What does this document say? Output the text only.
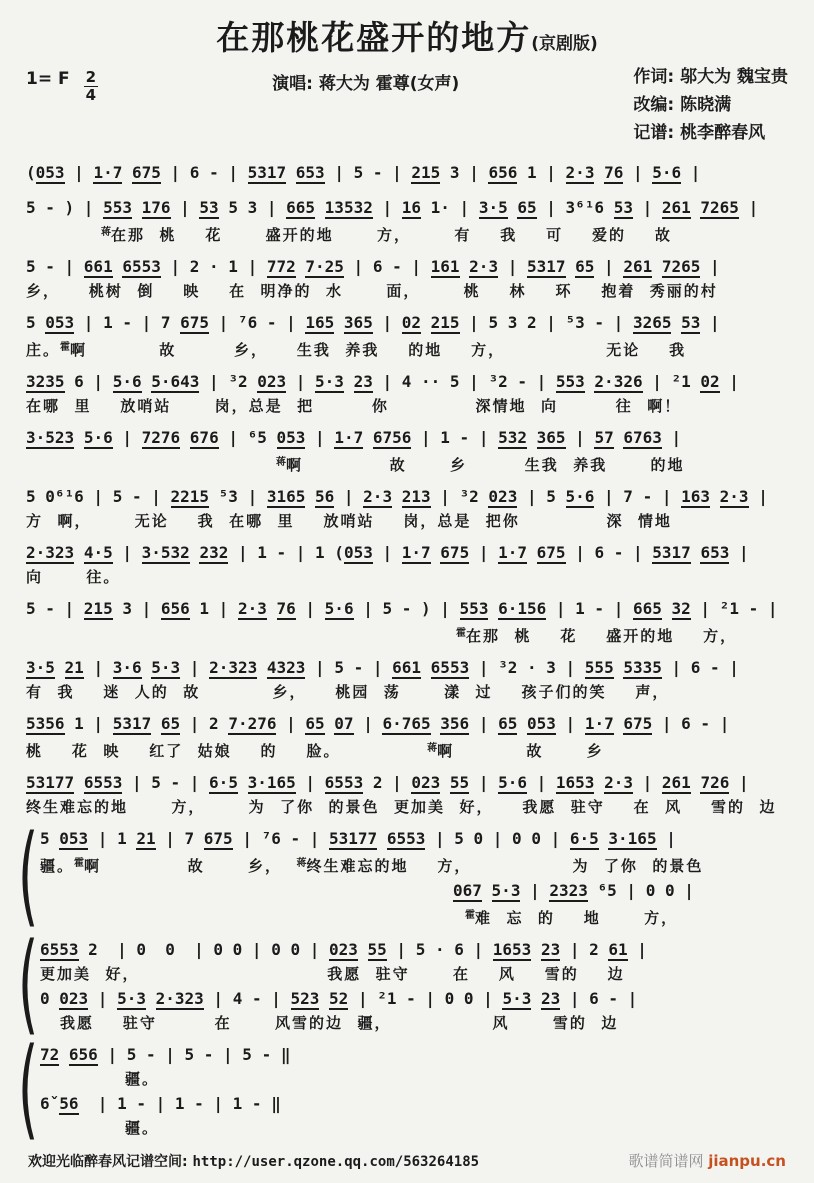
在那桃花盛开的地方(京剧版)
1= F $\frac{2}{4}$	演唱: 蒋大为 霍尊(女声)	作词: 邬大为 魏宝贵
改编: 陈晓满
记谱: 桃李醉春风
(053 | 1·7 675 | 6 - | 5317 653 | 5 - | 215 3 | 656 1 | 2·3 76 | 5·6 |
5 - ) | 553 176 | 53 5 3 | 665 13532 | 16 1· | 3·5 65 | 3⁶¹6 53 | 261 7265 |
$^蒋$在那  桃    花      盛开的地      方，      有    我    可    爱的    故
5 - | 661 6553 | 2 · 1 | 772 7·25 | 6 - | 161 2·3 | 5317 65 | 261 7265 |
乡，    桃树  倒    映    在  明净的  水      面，      桃    林    环    抱着  秀丽的村
5 053 | 1 - | 7 675 | ⁷6 - | 165 365 | 02 215 | 5 3 2 | ⁵3 - | 3265 53 |
庄。$^霍$啊          故        乡，    生我  养我    的地    方，              无论    我
3235 6 | 5·6 5·643 | ³2 023 | 5·3 23 | 4 ·· 5 | ³2 - | 553 2·326 | ²1 02 |
在哪  里    放哨站      岗，总是  把        你            深情地  向        往  啊！
3·523 5·6 | 7276 676 | ⁶5 053 | 1·7 6756 | 1 - | 532 365 | 57 6763 |
$^蒋$啊            故      乡        生我  养我      的地
5 0⁶¹6 | 5 - | 2215 ⁵3 | 3165 56 | 2·3 213 | ³2 023 | 5 5·6 | 7 - | 163 2·3 |
方  啊，      无论    我  在哪  里    放哨站    岗，总是  把你            深  情地
2·323 4·5 | 3·532 232 | 1 - | 1 (053 | 1·7 675 | 1·7 675 | 6 - | 5317 653 |
向      往。
5 - | 215 3 | 656 1 | 2·3 76 | 5·6 | 5 - ) | 553 6·156 | 1 - | 665 32 | ²1 - |
$^霍$在那  桃    花    盛开的地    方，
3·5 21 | 3·6 5·3 | 2·323 4323 | 5 - | 661 6553 | ³2 · 3 | 555 5335 | 6 - |
有  我    迷  人的  故          乡，    桃园  荡      漾  过    孩子们的笑    声，
5356 1 | 5317 65 | 2 7·276 | 65 07 | 6·765 356 | 65 053 | 1·7 675 | 6 - |
桃    花  映    红了  姑娘    的    脸。            $^蒋$啊          故      乡
53177 6553 | 5 - | 6·5 3·165 | 6553 2 | 023 55 | 5·6 | 1653 2·3 | 261 726 |
终生难忘的地      方，      为  了你  的景色  更加美  好，    我愿  驻守    在  风    雪的  边
( 5 053 | 1 21 | 7 675 | ⁷6 - | 53177 6553 | 5 0 | 0 0 | 6·5 3·165 |
疆。$^霍$啊            故      乡，  $^蒋$终生难忘的地    方，              为  了你  的景色
067 5·3 | 2323 ⁶5 | 0 0 |
$^霍$难  忘  的    地      方，
( 6553 2  | 0  0  | 0 0 | 0 0 | 023 55 | 5 · 6 | 1653 23 | 2 61 |
更加美  好，                          我愿  驻守      在    风    雪的    边
0 023 | 5·3 2·323 | 4 - | 523 52 | ²1 - | 0 0 | 5·3 23 | 6 - |
我愿    驻守        在      风雪的边  疆，              风      雪的  边
( 72 656 | 5 - | 5 - | 5 - ‖
疆。
6ˇ56  | 1 - | 1 - | 1 - ‖
疆。
欢迎光临醉春风记谱空间: http://user.qzone.qq.com/563264185	歌谱简谱网 jianpu.cn
